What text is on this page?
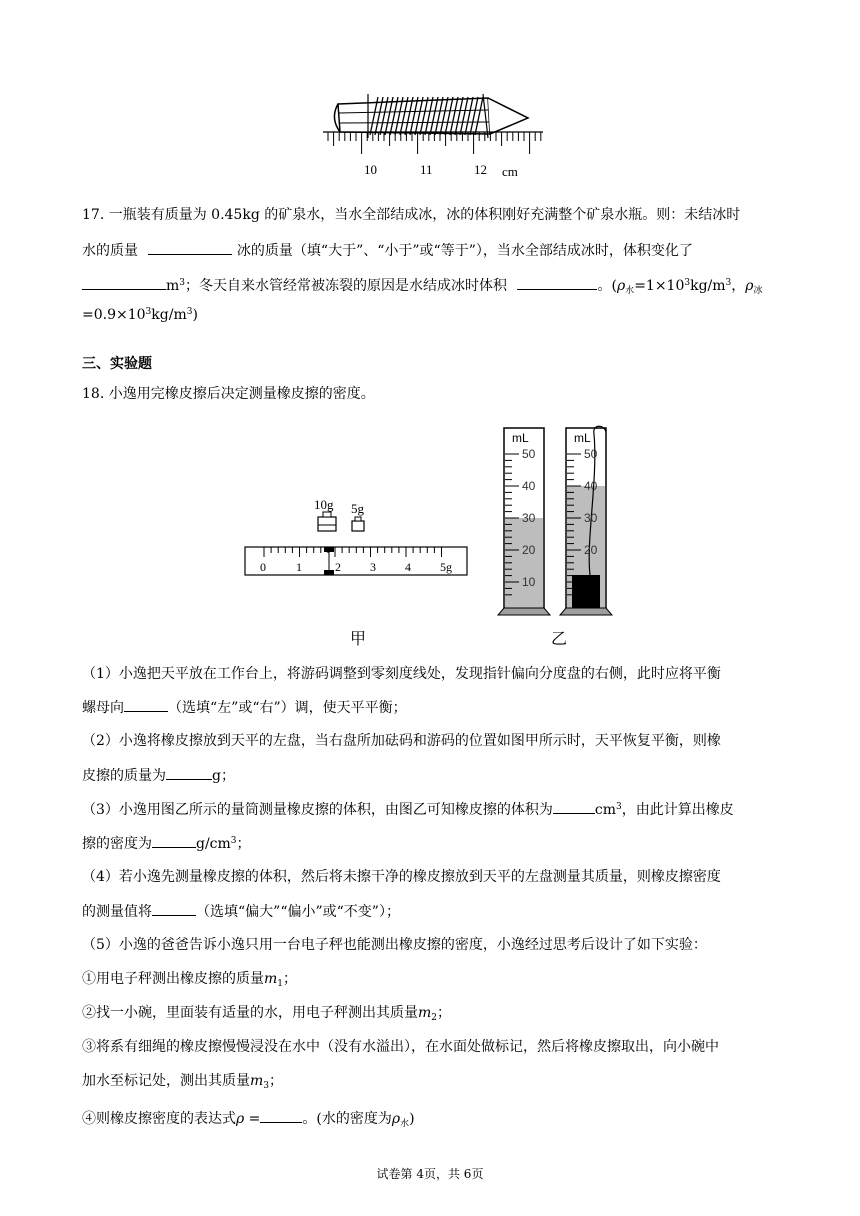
10	11	12 cm
17. 一瓶装有质量为 0.45kg 的矿泉水，当水全部结成冰，冰的体积刚好充满整个矿泉水瓶。则：未结冰时
水的质量	冰的质量（填“大于”、“小于”或“等于”），当水全部结成冰时，体积变化了
$m^3$；冬天自来水管经常被冻裂的原因是水结成冰时体积	。($\rho_水=1\times 10^3kg/m^3$，$\rho_冰$
$=0.9\times 10^3kg/m^3$)
三、实验题
18. 小逸用完橡皮擦后决定测量橡皮擦的密度。
10g 5g
0	1	2 3 4 5g
mL
50
40
30
20
10
mL
50
40
30
20
甲	乙
（1）小逸把天平放在工作台上，将游码调整到零刻度线处，发现指针偏向分度盘的右侧，此时应将平衡
螺母向	（选填“左”或“右”）调，使天平平衡；
（2）小逸将橡皮擦放到天平的左盘，当右盘所加砝码和游码的位置如图甲所示时，天平恢复平衡，则橡
皮擦的质量为	g；
（3）小逸用图乙所示的量筒测量橡皮擦的体积，由图乙可知橡皮擦的体积为	$cm^3$，由此计算出橡皮
擦的密度为	$g/cm^3$；
（4）若小逸先测量橡皮擦的体积，然后将未擦干净的橡皮擦放到天平的左盘测量其质量，则橡皮擦密度
的测量值将	（选填“偏大”“偏小”或“不变”）；
（5）小逸的爸爸告诉小逸只用一台电子秤也能测出橡皮擦的密度，小逸经过思考后设计了如下实验：
①用电子秤测出橡皮擦的质量$m_1$；
②找一小碗，里面装有适量的水，用电子秤测出其质量$m_2$；
③将系有细绳的橡皮擦慢慢浸没在水中（没有水溢出），在水面处做标记，然后将橡皮擦取出，向小碗中
加水至标记处，测出其质量$m_3$；
④则橡皮擦密度的表达式ρ =	。(水的密度为$\rho_水$)
试卷第 4页，共 6页
